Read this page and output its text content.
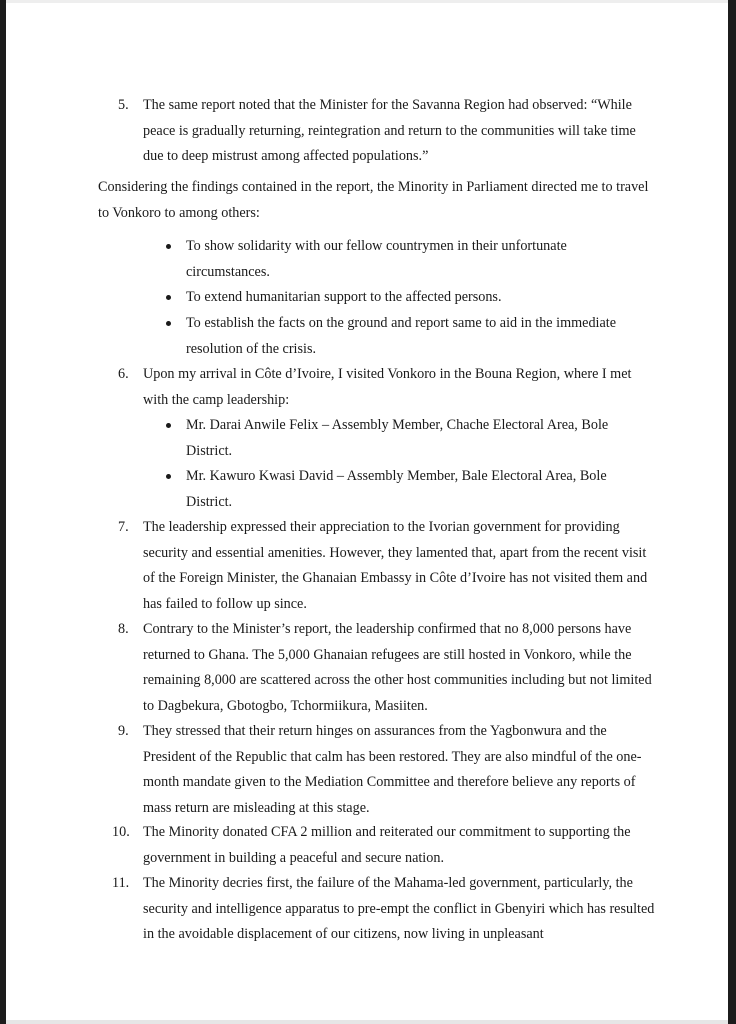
5. The same report noted that the Minister for the Savanna Region had observed: “While peace is gradually returning, reintegration and return to the communities will take time due to deep mistrust among affected populations.”
Considering the findings contained in the report, the Minority in Parliament directed me to travel to Vonkoro to among others:
To show solidarity with our fellow countrymen in their unfortunate circumstances.
To extend humanitarian support to the affected persons.
To establish the facts on the ground and report same to aid in the immediate resolution of the crisis.
6. Upon my arrival in Côte d’Ivoire, I visited Vonkoro in the Bouna Region, where I met with the camp leadership:
Mr. Darai Anwile Felix – Assembly Member, Chache Electoral Area, Bole District.
Mr. Kawuro Kwasi David – Assembly Member, Bale Electoral Area, Bole District.
7. The leadership expressed their appreciation to the Ivorian government for providing security and essential amenities. However, they lamented that, apart from the recent visit of the Foreign Minister, the Ghanaian Embassy in Côte d’Ivoire has not visited them and has failed to follow up since.
8. Contrary to the Minister’s report, the leadership confirmed that no 8,000 persons have returned to Ghana. The 5,000 Ghanaian refugees are still hosted in Vonkoro, while the remaining 8,000 are scattered across the other host communities including but not limited to Dagbekura, Gbotogbo, Tchormiikura, Masiiten.
9. They stressed that their return hinges on assurances from the Yagbonwura and the President of the Republic that calm has been restored. They are also mindful of the one-month mandate given to the Mediation Committee and therefore believe any reports of mass return are misleading at this stage.
10. The Minority donated CFA 2 million and reiterated our commitment to supporting the government in building a peaceful and secure nation.
11. The Minority decries first, the failure of the Mahama-led government, particularly, the security and intelligence apparatus to pre-empt the conflict in Gbenyiri which has resulted in the avoidable displacement of our citizens, now living in unpleasant
